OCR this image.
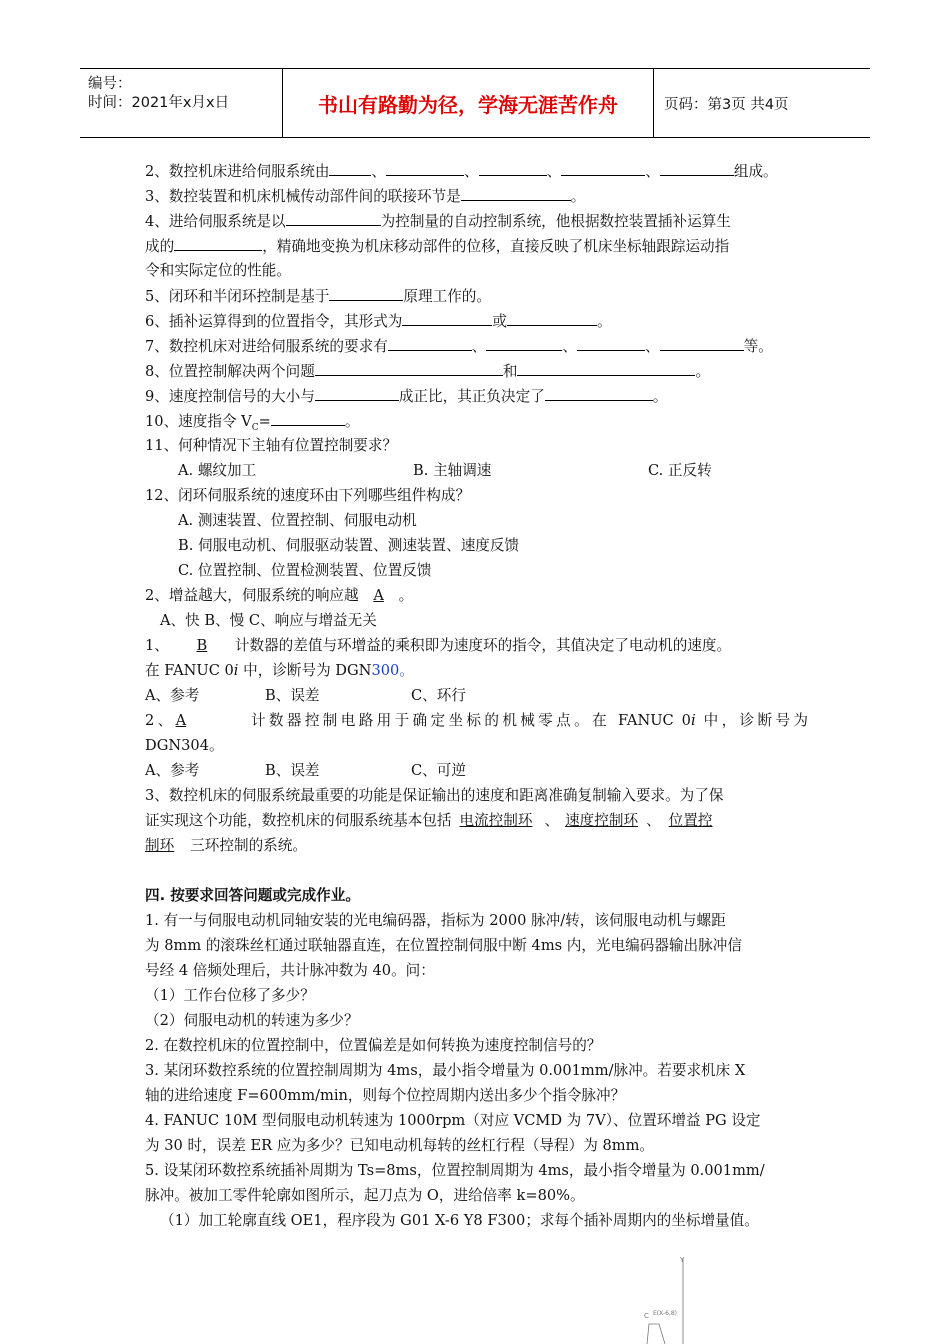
编号：
时间：2021年x月x日	书山有路勤为径，学海无涯苦作舟	页码：第3页 共4页
2、数控机床进给伺服系统由	、	、	、	、	组成。
3、数控装置和机床机械传动部件间的联接环节是	。
4、进给伺服系统是以	为控制量的自动控制系统，他根据数控装置插补运算生
成的	，精确地变换为机床移动部件的位移，直接反映了机床坐标轴跟踪运动指
令和实际定位的性能。
5、闭环和半闭环控制是基于	原理工作的。
6、插补运算得到的位置指令，其形式为	或	。
7、数控机床对进给伺服系统的要求有	、	、	、	等。
8、位置控制解决两个问题	和	。
9、速度控制信号的大小与	成正比，其正负决定了	。
10、速度指令 $V_C=$	。
11、何种情况下主轴有位置控制要求？
A. 螺纹加工	B. 主轴调速	C. 正反转
12、闭环伺服系统的速度环由下列哪些组件构成？
A. 测速装置、位置控制、伺服电动机
B. 伺服电动机、伺服驱动装置、测速装置、速度反馈
C. 位置控制、位置检测装置、位置反馈
2、增益越大，伺服系统的响应越 A 。
A、快 B、慢 C、响应与增益无关
1、 B 计数器的差值与环增益的乘积即为速度环的指令，其值决定了电动机的速度。
在 FANUC 0i 中，诊断号为 DGN300。
A、参考	B、误差	C、环行
2、A	计数器控制电路用于确定坐标的机械零点。在 FANUC 0i 中，诊断号为
DGN304。
A、参考	B、误差	C、可逆
3、数控机床的伺服系统最重要的功能是保证输出的速度和距离准确复制输入要求。为了保
证实现这个功能，数控机床的伺服系统基本包括 电流控制环 、 速度控制环 、 位置控
制环 三环控制的系统。
四. 按要求回答问题或完成作业。
1. 有一与伺服电动机同轴安装的光电编码器，指标为 2000 脉冲/转，该伺服电动机与螺距
为 8mm 的滚珠丝杠通过联轴器直连，在位置控制伺服中断 4ms 内，光电编码器输出脉冲信
号经 4 倍频处理后，共计脉冲数为 40。问：
（1）工作台位移了多少？
（2）伺服电动机的转速为多少？
2. 在数控机床的位置控制中，位置偏差是如何转换为速度控制信号的？
3. 某闭环数控系统的位置控制周期为 4ms，最小指令增量为 0.001mm/脉冲。若要求机床 X
轴的进给速度 F=600mm/min，则每个位控周期内送出多少个指令脉冲？
4. FANUC 10M 型伺服电动机转速为 1000rpm（对应 VCMD 为 7V）、位置环增益 PG 设定
为 30 时，误差 ER 应为多少？已知电动机每转的丝杠行程（导程）为 8mm。
5. 设某闭环数控系统插补周期为 Ts=8ms，位置控制周期为 4ms，最小指令增量为 0.001mm/
脉冲。被加工零件轮廓如图所示，起刀点为 O，进给倍率 k=80%。
（1）加工轮廓直线 OE1，程序段为 G01 X-6 Y8 F300；求每个插补周期内的坐标增量值。
Y
C E(X-6,8)
